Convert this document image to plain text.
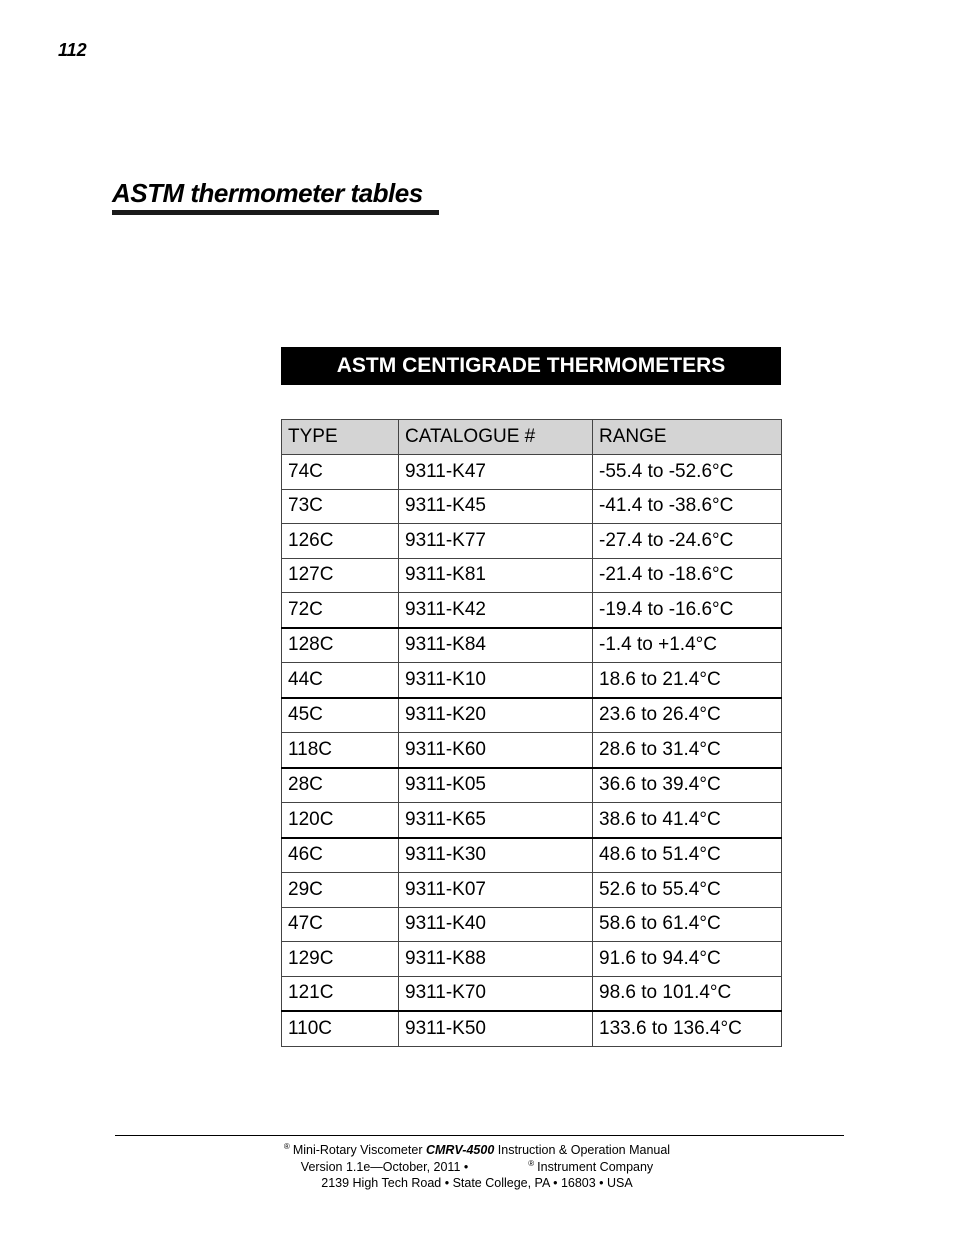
112
ASTM thermometer tables
ASTM CENTIGRADE THERMOMETERS
TYPE	CATALOGUE #	RANGE
74C	9311-K47	-55.4 to -52.6°C
73C	9311-K45	-41.4 to -38.6°C
126C	9311-K77	-27.4 to -24.6°C
127C	9311-K81	-21.4 to -18.6°C
72C	9311-K42	-19.4 to -16.6°C
128C	9311-K84	-1.4 to +1.4°C
44C	9311-K10	18.6 to 21.4°C
45C	9311-K20	23.6 to 26.4°C
118C	9311-K60	28.6 to 31.4°C
28C	9311-K05	36.6 to 39.4°C
120C	9311-K65	38.6 to 41.4°C
46C	9311-K30	48.6 to 51.4°C
29C	9311-K07	52.6 to 55.4°C
47C	9311-K40	58.6 to 61.4°C
129C	9311-K88	91.6 to 94.4°C
121C	9311-K70	98.6 to 101.4°C
110C	9311-K50	133.6 to 136.4°C
® Mini-Rotary Viscometer CMRV-4500 Instruction & Operation Manual
Version 1.1e—October, 2011 •	® Instrument Company
2139 High Tech Road • State College, PA • 16803 • USA
